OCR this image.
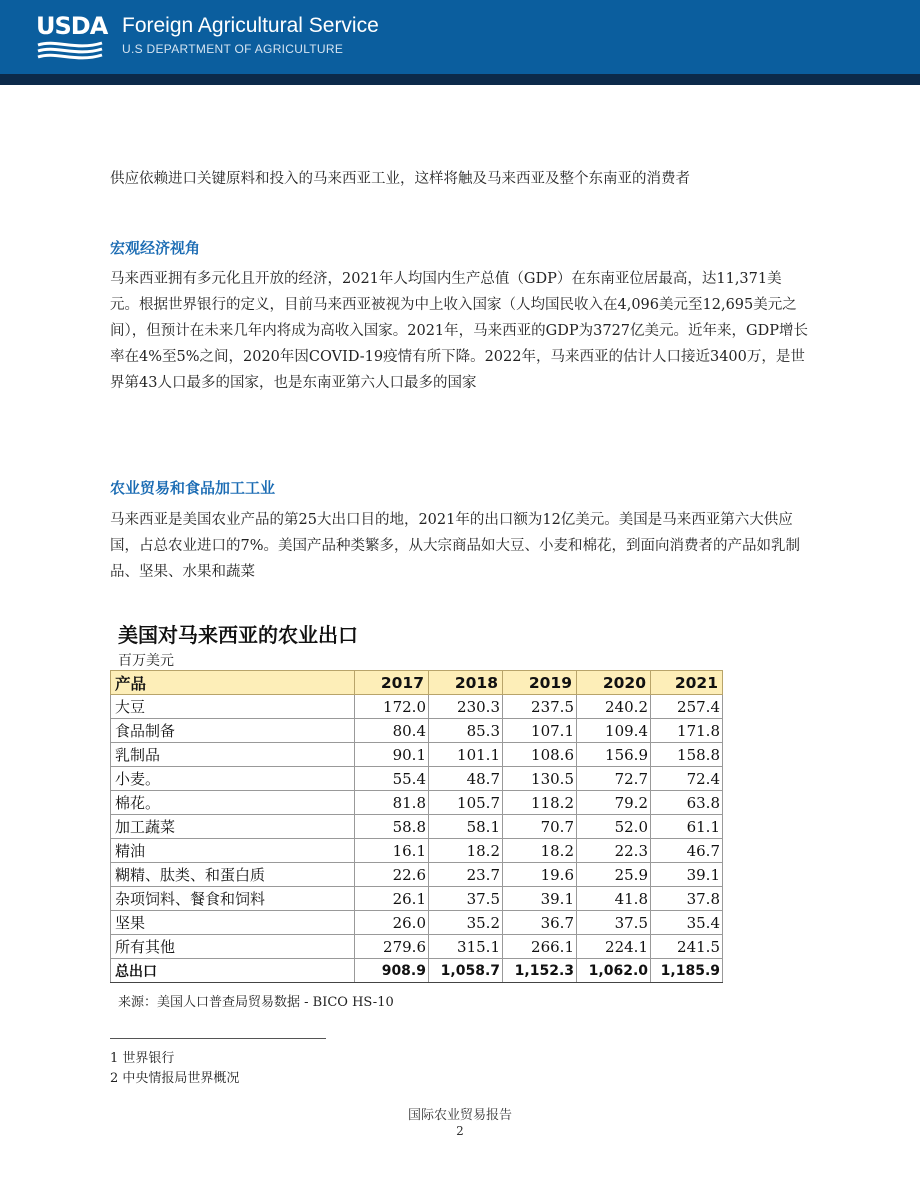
USDA Foreign Agricultural Service
U.S DEPARTMENT OF AGRICULTURE

供应依赖进口关键原料和投入的马来西亚工业，这样将触及马来西亚及整个东南亚的消费者

宏观经济视角

马来西亚拥有多元化且开放的经济，2021年人均国内生产总值（GDP）在东南亚位居最高，达11,371美元。根据世界银行的定义，目前马来西亚被视为中上收入国家（人均国民收入在4,096美元至12,695美元之间），但预计在未来几年内将成为高收入国家。2021年，马来西亚的GDP为3727亿美元。近年来，GDP增长率在4%至5%之间，2020年因COVID-19疫情有所下降。2022年，马来西亚的估计人口接近3400万，是世界第43人口最多的国家，也是东南亚第六人口最多的国家

农业贸易和食品加工工业

马来西亚是美国农业产品的第25大出口目的地，2021年的出口额为12亿美元。美国是马来西亚第六大供应国，占总农业进口的7%。美国产品种类繁多，从大宗商品如大豆、小麦和棉花，到面向消费者的产品如乳制品、坚果、水果和蔬菜

美国对马来西亚的农业出口
百万美元
产品	2017	2018	2019	2020	2021
大豆	172.0	230.3	237.5	240.2	257.4
食品制备	80.4	85.3	107.1	109.4	171.8
乳制品	90.1	101.1	108.6	156.9	158.8
小麦。	55.4	48.7	130.5	72.7	72.4
棉花。	81.8	105.7	118.2	79.2	63.8
加工蔬菜	58.8	58.1	70.7	52.0	61.1
精油	16.1	18.2	18.2	22.3	46.7
糊精、肽类、和蛋白质	22.6	23.7	19.6	25.9	39.1
杂项饲料、餐食和饲料	26.1	37.5	39.1	41.8	37.8
坚果	26.0	35.2	36.7	37.5	35.4
所有其他	279.6	315.1	266.1	224.1	241.5
总出口	908.9	1,058.7	1,152.3	1,062.0	1,185.9
来源：美国人口普查局贸易数据 - BICO HS-10
1 世界银行
2 中央情报局世界概况
国际农业贸易报告
2
